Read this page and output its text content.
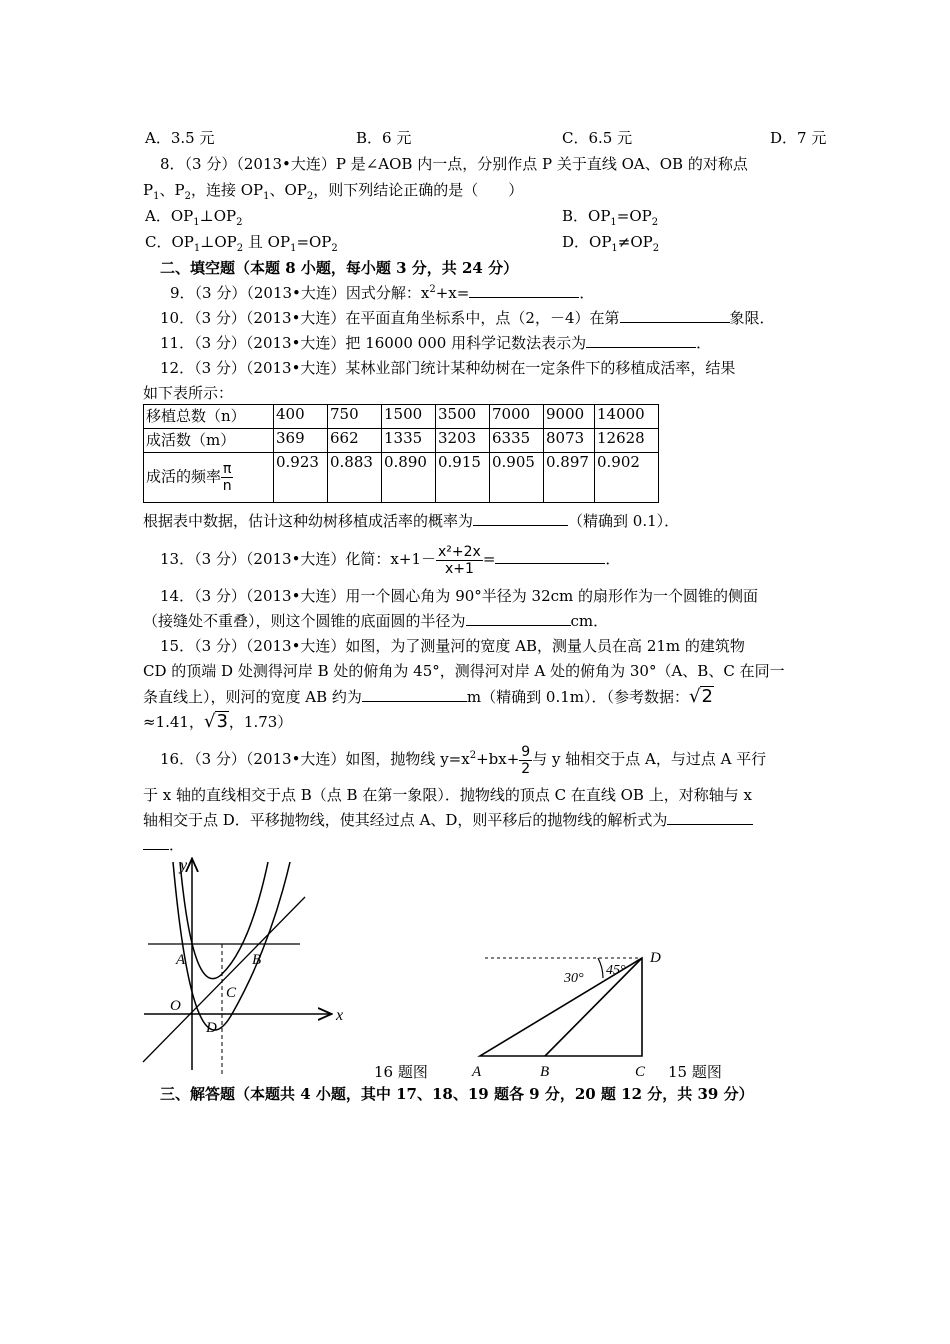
A．3.5 元	B．6 元	C．6.5 元	D．7 元
8．（3 分）（2013•大连）P 是∠AOB 内一点，分别作点 P 关于直线 OA、OB 的对称点
$P_1$、$P_2$，连接 $OP_1$、$OP_2$，则下列结论正确的是（　　）
A．$OP_1\perp OP_2$	B．$OP_1=OP_2$
C．$OP_1\perp OP_2$ 且 $OP_1=OP_2$	D．$OP_1\ne OP_2$
二、填空题（本题 8 小题，每小题 3 分，共 24 分）
9．（3 分）（2013•大连）因式分解：$x^2+x=$	．
10．（3 分）（2013•大连）在平面直角坐标系中，点（2，－4）在第	象限．
11．（3 分）（2013•大连）把 16000 000 用科学记数法表示为	．
12．（3 分）（2013•大连）某林业部门统计某种幼树在一定条件下的移植成活率，结果
如下表所示：
移植总数（n）	400	750	1500	3500	7000	9000	14000
成活数（m）	369	662	1335	3203	6335	8073	12628
成活的频率 $\frac{\pi}{n}$	0.923	0.883	0.890	0.915	0.905	0.897	0.902
根据表中数据，估计这种幼树移植成活率的概率为	（精确到 0.1）．
13．（3 分）（2013•大连）化简：$x+1- \frac{\text{x²+2x}}{x+1}$ =	．
14．（3 分）（2013•大连）用一个圆心角为 90°半径为 32cm 的扇形作为一个圆锥的侧面
（接缝处不重叠），则这个圆锥的底面圆的半径为	cm．
15．（3 分）（2013•大连）如图，为了测量河的宽度 AB，测量人员在高 21m 的建筑物
CD 的顶端 D 处测得河岸 B 处的俯角为 45°，测得河对岸 A 处的俯角为 30°（A、B、C 在同一
条直线上），则河的宽度 AB 约为	m（精确到 0.1m）．（参考数据：√ 2
≈1.41，√ 3 ，1.73）
16．（3 分）（2013•大连）如图，抛物线 $y=x^2+bx+ \frac{9}{2}$ 与 y 轴相交于点 A，与过点 A 平行
于 x 轴的直线相交于点 B（点 B 在第一象限）．抛物线的顶点 C 在直线 OB 上，对称轴与 x
轴相交于点 D．平移抛物线，使其经过点 A、D，则平移后的抛物线的解析式为
．
y
x
A	B
C
O
D
16 题图
30°
45°
D
A	B	C 15 题图
三、解答题（本题共 4 小题，其中 17、18、19 题各 9 分，20 题 12 分，共 39 分）
